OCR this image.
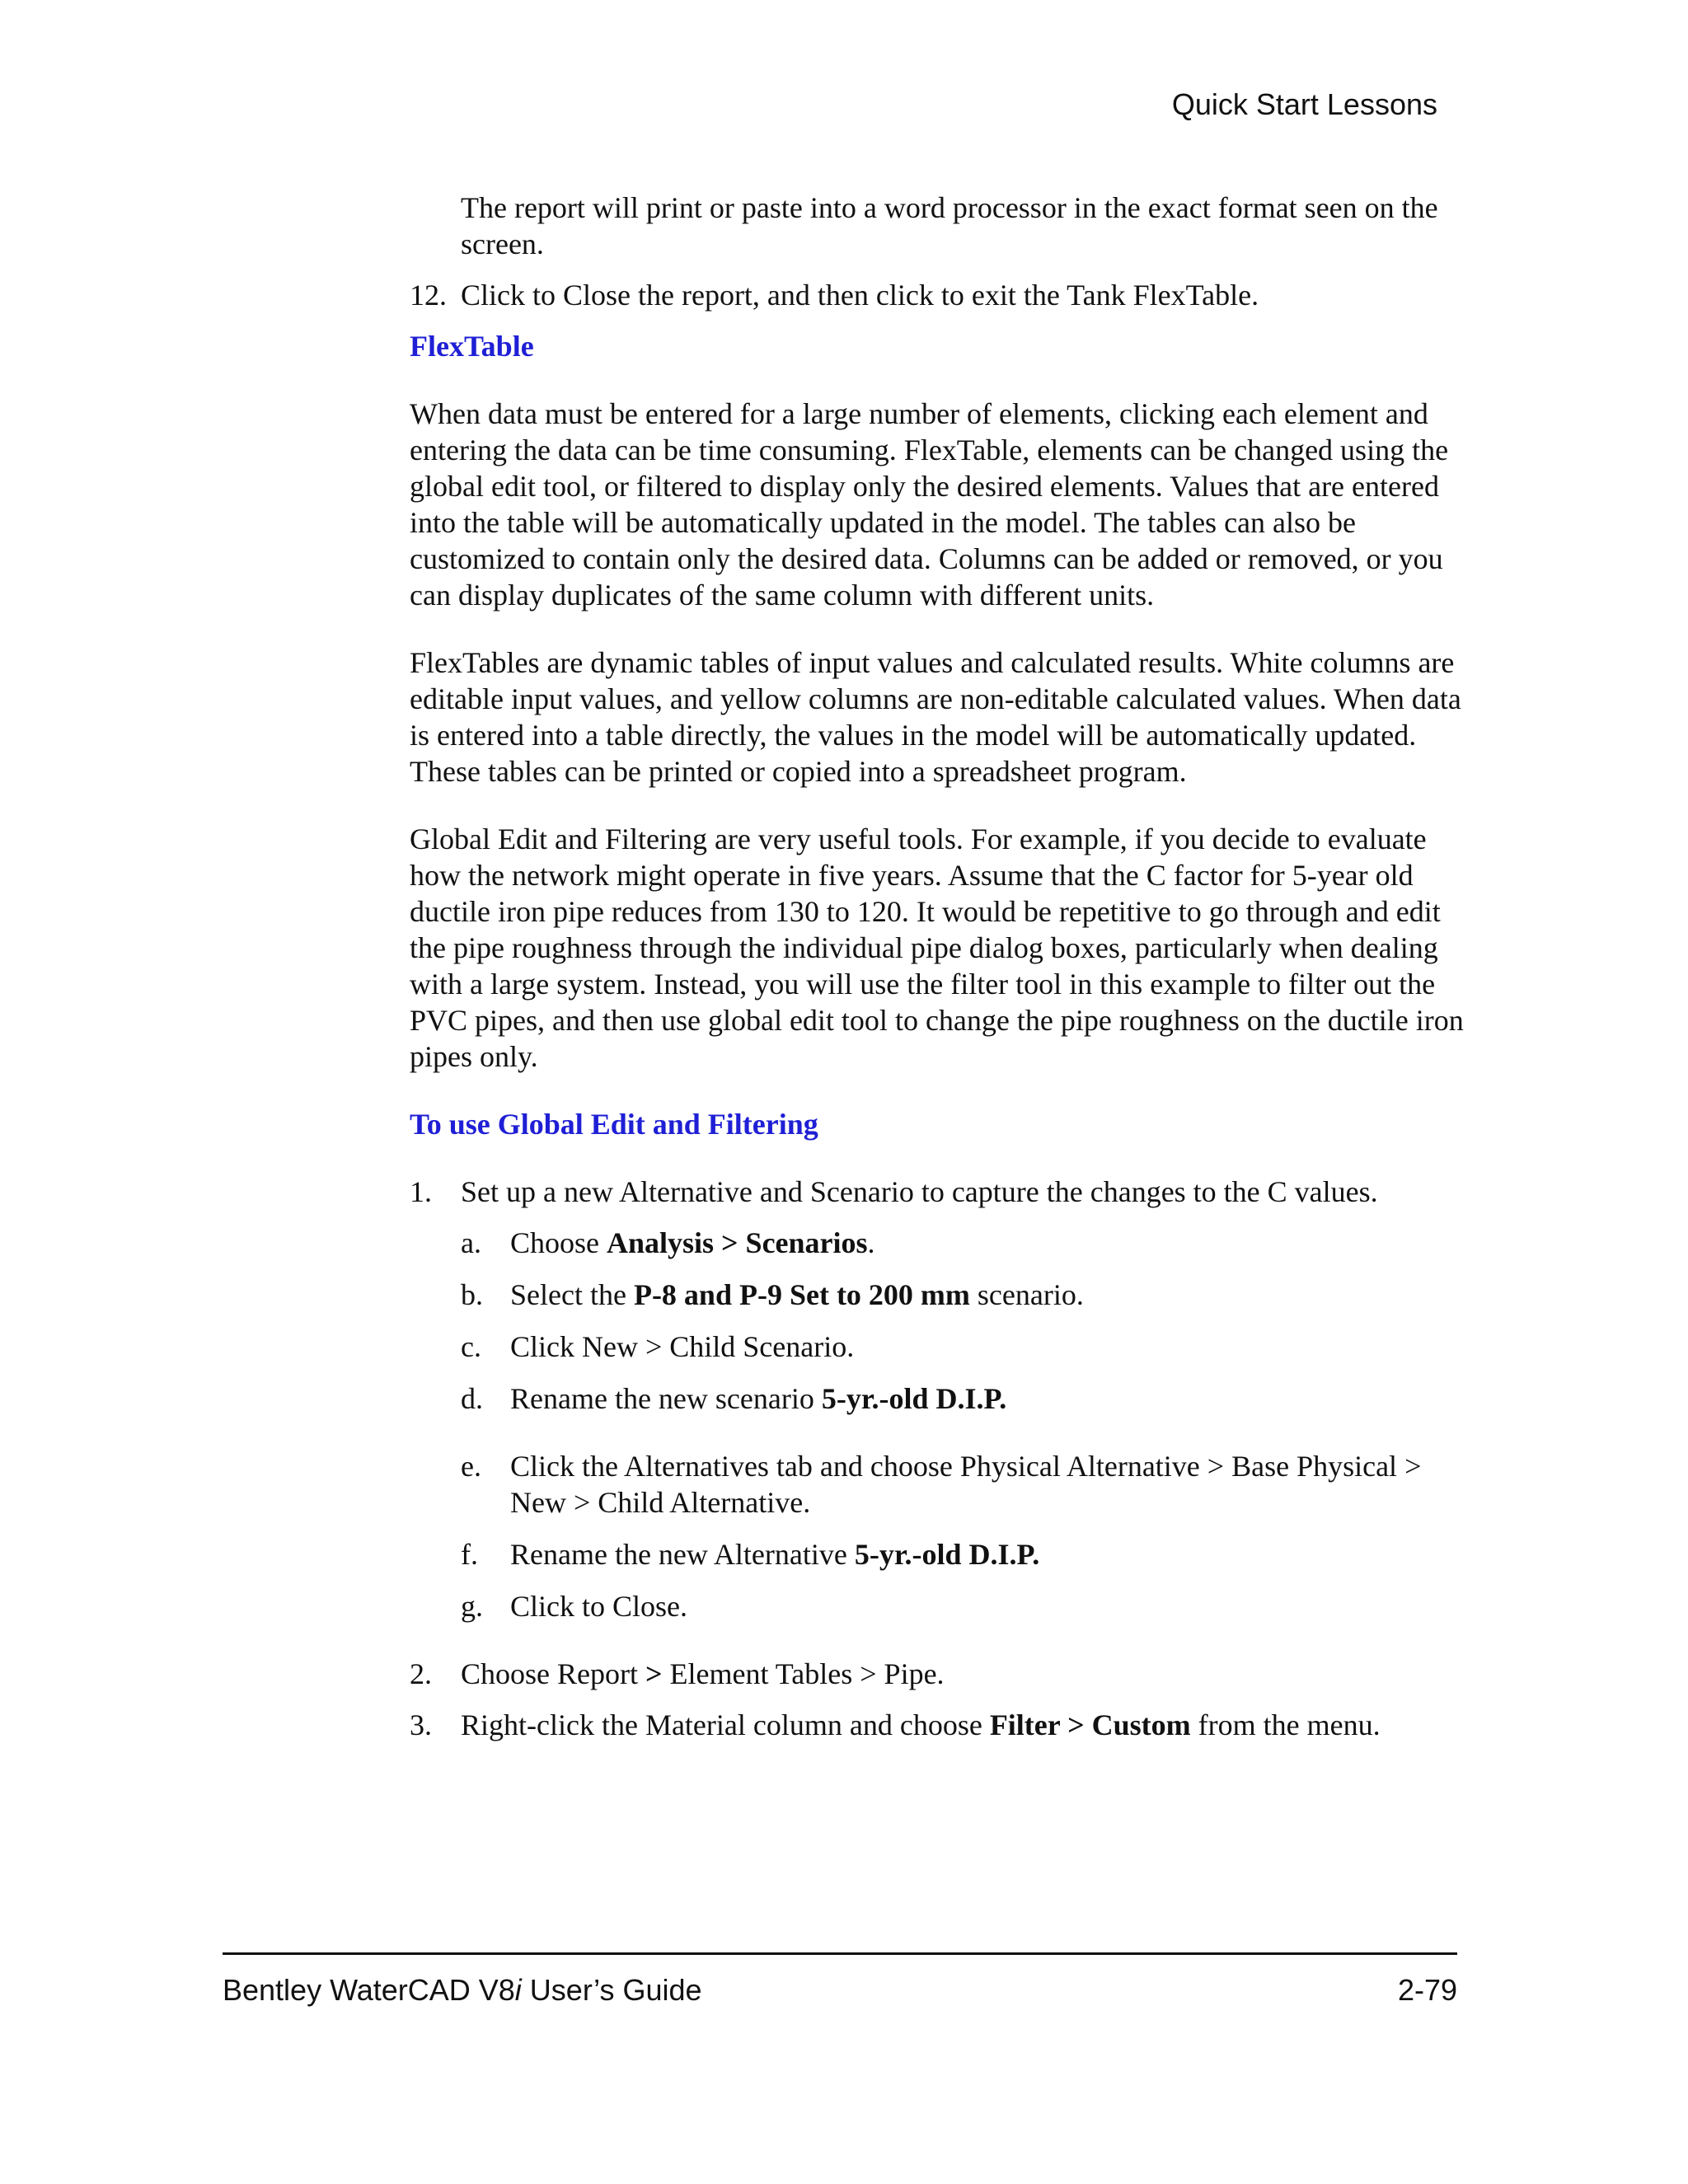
Quick Start Lessons

The report will print or paste into a word processor in the exact format seen on the screen.

12. Click to Close the report, and then click to exit the Tank FlexTable.

FlexTable

When data must be entered for a large number of elements, clicking each element and entering the data can be time consuming. FlexTable, elements can be changed using the global edit tool, or filtered to display only the desired elements. Values that are entered into the table will be automatically updated in the model. The tables can also be customized to contain only the desired data. Columns can be added or removed, or you can display duplicates of the same column with different units.

FlexTables are dynamic tables of input values and calculated results. White columns are editable input values, and yellow columns are non-editable calculated values. When data is entered into a table directly, the values in the model will be automatically updated. These tables can be printed or copied into a spreadsheet program.

Global Edit and Filtering are very useful tools. For example, if you decide to evaluate how the network might operate in five years. Assume that the C factor for 5-year old ductile iron pipe reduces from 130 to 120. It would be repetitive to go through and edit the pipe roughness through the individual pipe dialog boxes, particularly when dealing with a large system. Instead, you will use the filter tool in this example to filter out the PVC pipes, and then use global edit tool to change the pipe roughness on the ductile iron pipes only.

To use Global Edit and Filtering

1. Set up a new Alternative and Scenario to capture the changes to the C values.
a. Choose Analysis > Scenarios.
b. Select the P-8 and P-9 Set to 200 mm scenario.
c. Click New > Child Scenario.
d. Rename the new scenario 5-yr.-old D.I.P.
e. Click the Alternatives tab and choose Physical Alternative > Base Physical > New > Child Alternative.
f.	Rename the new Alternative 5-yr.-old D.I.P.
g. Click to Close.
2. Choose Report > Element Tables > Pipe.
3. Right-click the Material column and choose Filter > Custom from the menu.
Bentley WaterCAD V8i User’s Guide	2-79
